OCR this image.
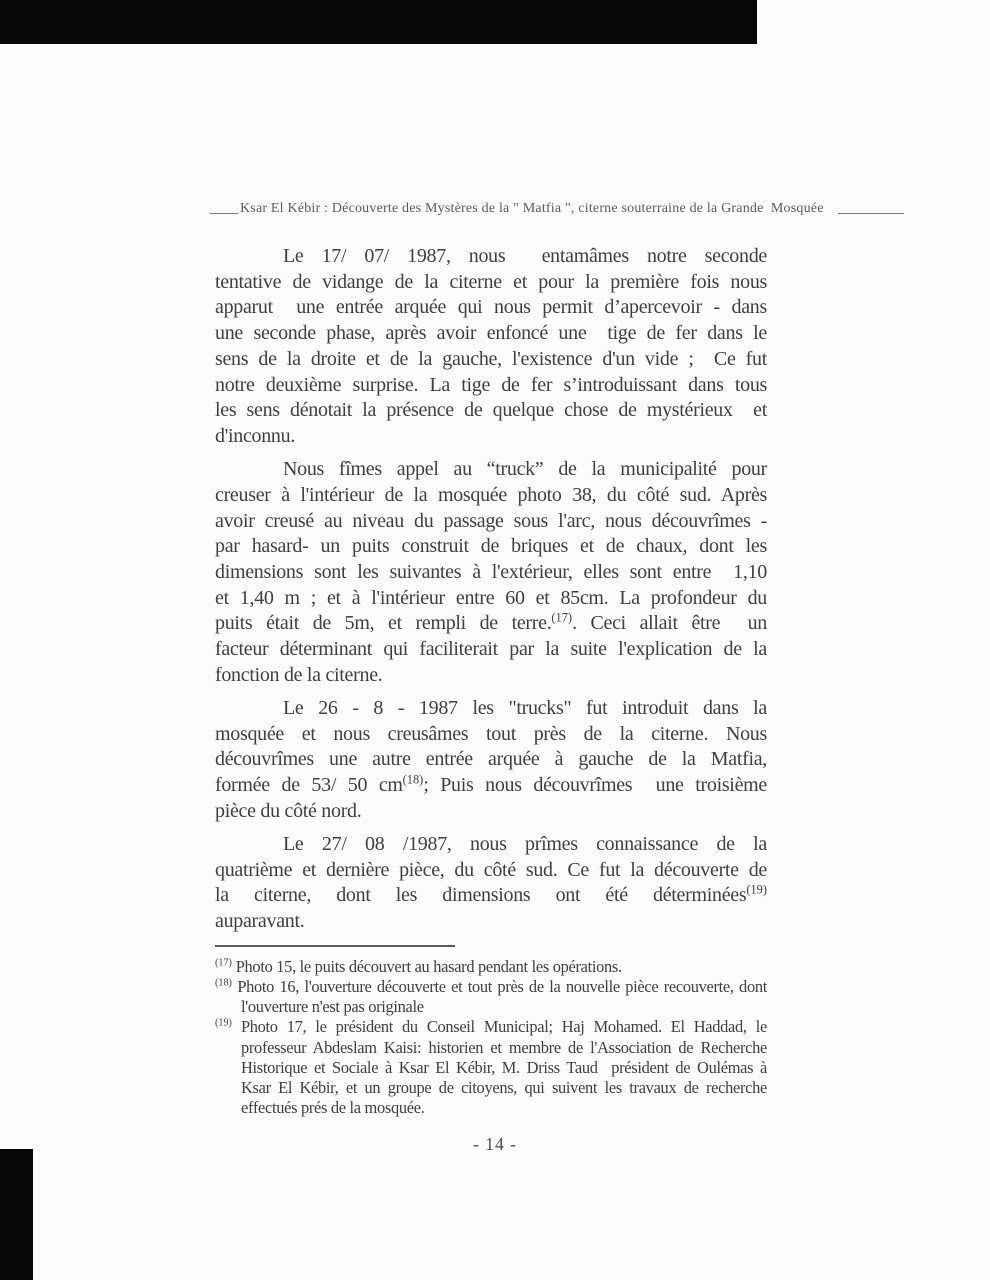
Ksar El Kébir : Découverte des Mystères de la " Matfia ", citerne souterraine de la Grande  Mosquée
Le 17/ 07/ 1987, nous  entamâmes notre seconde
tentative de vidange de la citerne et pour la première fois nous
apparut  une entrée arquée qui nous permit d’apercevoir - dans
une seconde phase, après avoir enfoncé une  tige de fer dans le
sens de la droite et de la gauche, l'existence d'un vide ;  Ce fut
notre deuxième surprise. La tige de fer s’introduissant dans tous
les sens dénotait la présence de quelque chose de mystérieux  et
d'inconnu.
Nous fîmes appel au “truck” de la municipalité pour
creuser à l'intérieur de la mosquée photo 38, du côté sud. Après
avoir creusé au niveau du passage sous l'arc, nous découvrîmes -
par hasard- un puits construit de briques et de chaux, dont les
dimensions sont les suivantes à l'extérieur, elles sont entre  1,10
et 1,40 m ; et à l'intérieur entre 60 et 85cm. La profondeur du
puits était de 5m, et rempli de terre.$^{(17)}$. Ceci allait être  un
facteur déterminant qui faciliterait par la suite l'explication de la
fonction de la citerne.
Le 26 - 8 - 1987 les "trucks" fut introduit dans la
mosquée et nous creusâmes tout près de la citerne. Nous
découvrîmes une autre entrée arquée à gauche de la Matfia,
formée de 53/ 50 $cm^{(18)}$; Puis nous découvrîmes  une troisième
pièce du côté nord.
Le 27/ 08 /1987, nous prîmes connaissance de la
quatrième et dernière pièce, du côté sud. Ce fut la découverte de
la citerne, dont les dimensions ont été déterminées$^{(19)}$
auparavant.
$^{(17)}$ Photo 15, le puits découvert au hasard pendant les opérations.
$^{(18)}$ Photo 16, l'ouverture découverte et tout près de la nouvelle pièce recouverte, dont
l'ouverture n'est pas originale
$^{(19)}$ Photo 17, le président du Conseil Municipal; Haj Mohamed. El Haddad, le
professeur Abdeslam Kaisi: historien et membre de l'Association de Recherche
Historique et Sociale à Ksar El Kébir, M. Driss Taud  président de Oulémas à
Ksar El Kébir, et un groupe de citoyens, qui suivent les travaux de recherche
effectués prés de la mosquée.
- 14 -
